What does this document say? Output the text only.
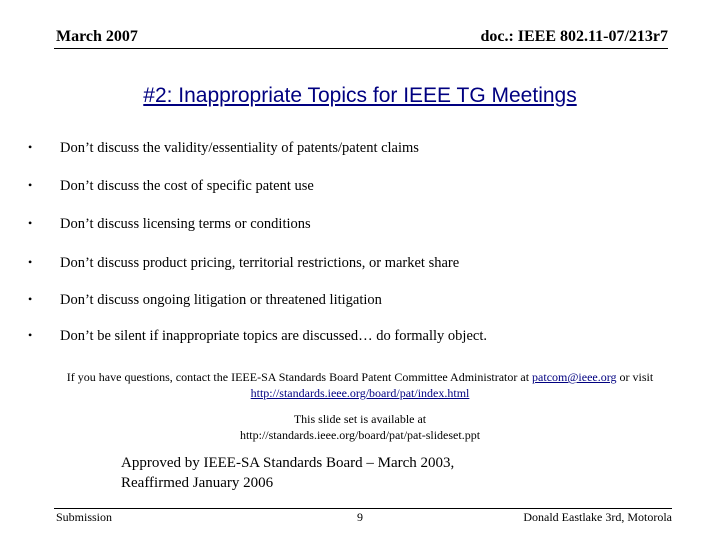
March 2007	doc.: IEEE 802.11-07/213r7
#2: Inappropriate Topics for IEEE TG Meetings
• Don’t discuss the validity/essentiality of patents/patent claims
• Don’t discuss the cost of specific patent use
• Don’t discuss licensing terms or conditions
• Don’t discuss product pricing, territorial restrictions, or market share
• Don’t discuss ongoing litigation or threatened litigation
• Don’t be silent if inappropriate topics are discussed… do formally object.
If you have questions, contact the IEEE-SA Standards Board Patent Committee Administrator at patcom@ieee.org or visit
http://standards.ieee.org/board/pat/index.html
This slide set is available at
http://standards.ieee.org/board/pat/pat-slideset.ppt
Approved by IEEE-SA Standards Board – March 2003,
Reaffirmed January 2006
Submission	9	Donald Eastlake 3rd, Motorola
